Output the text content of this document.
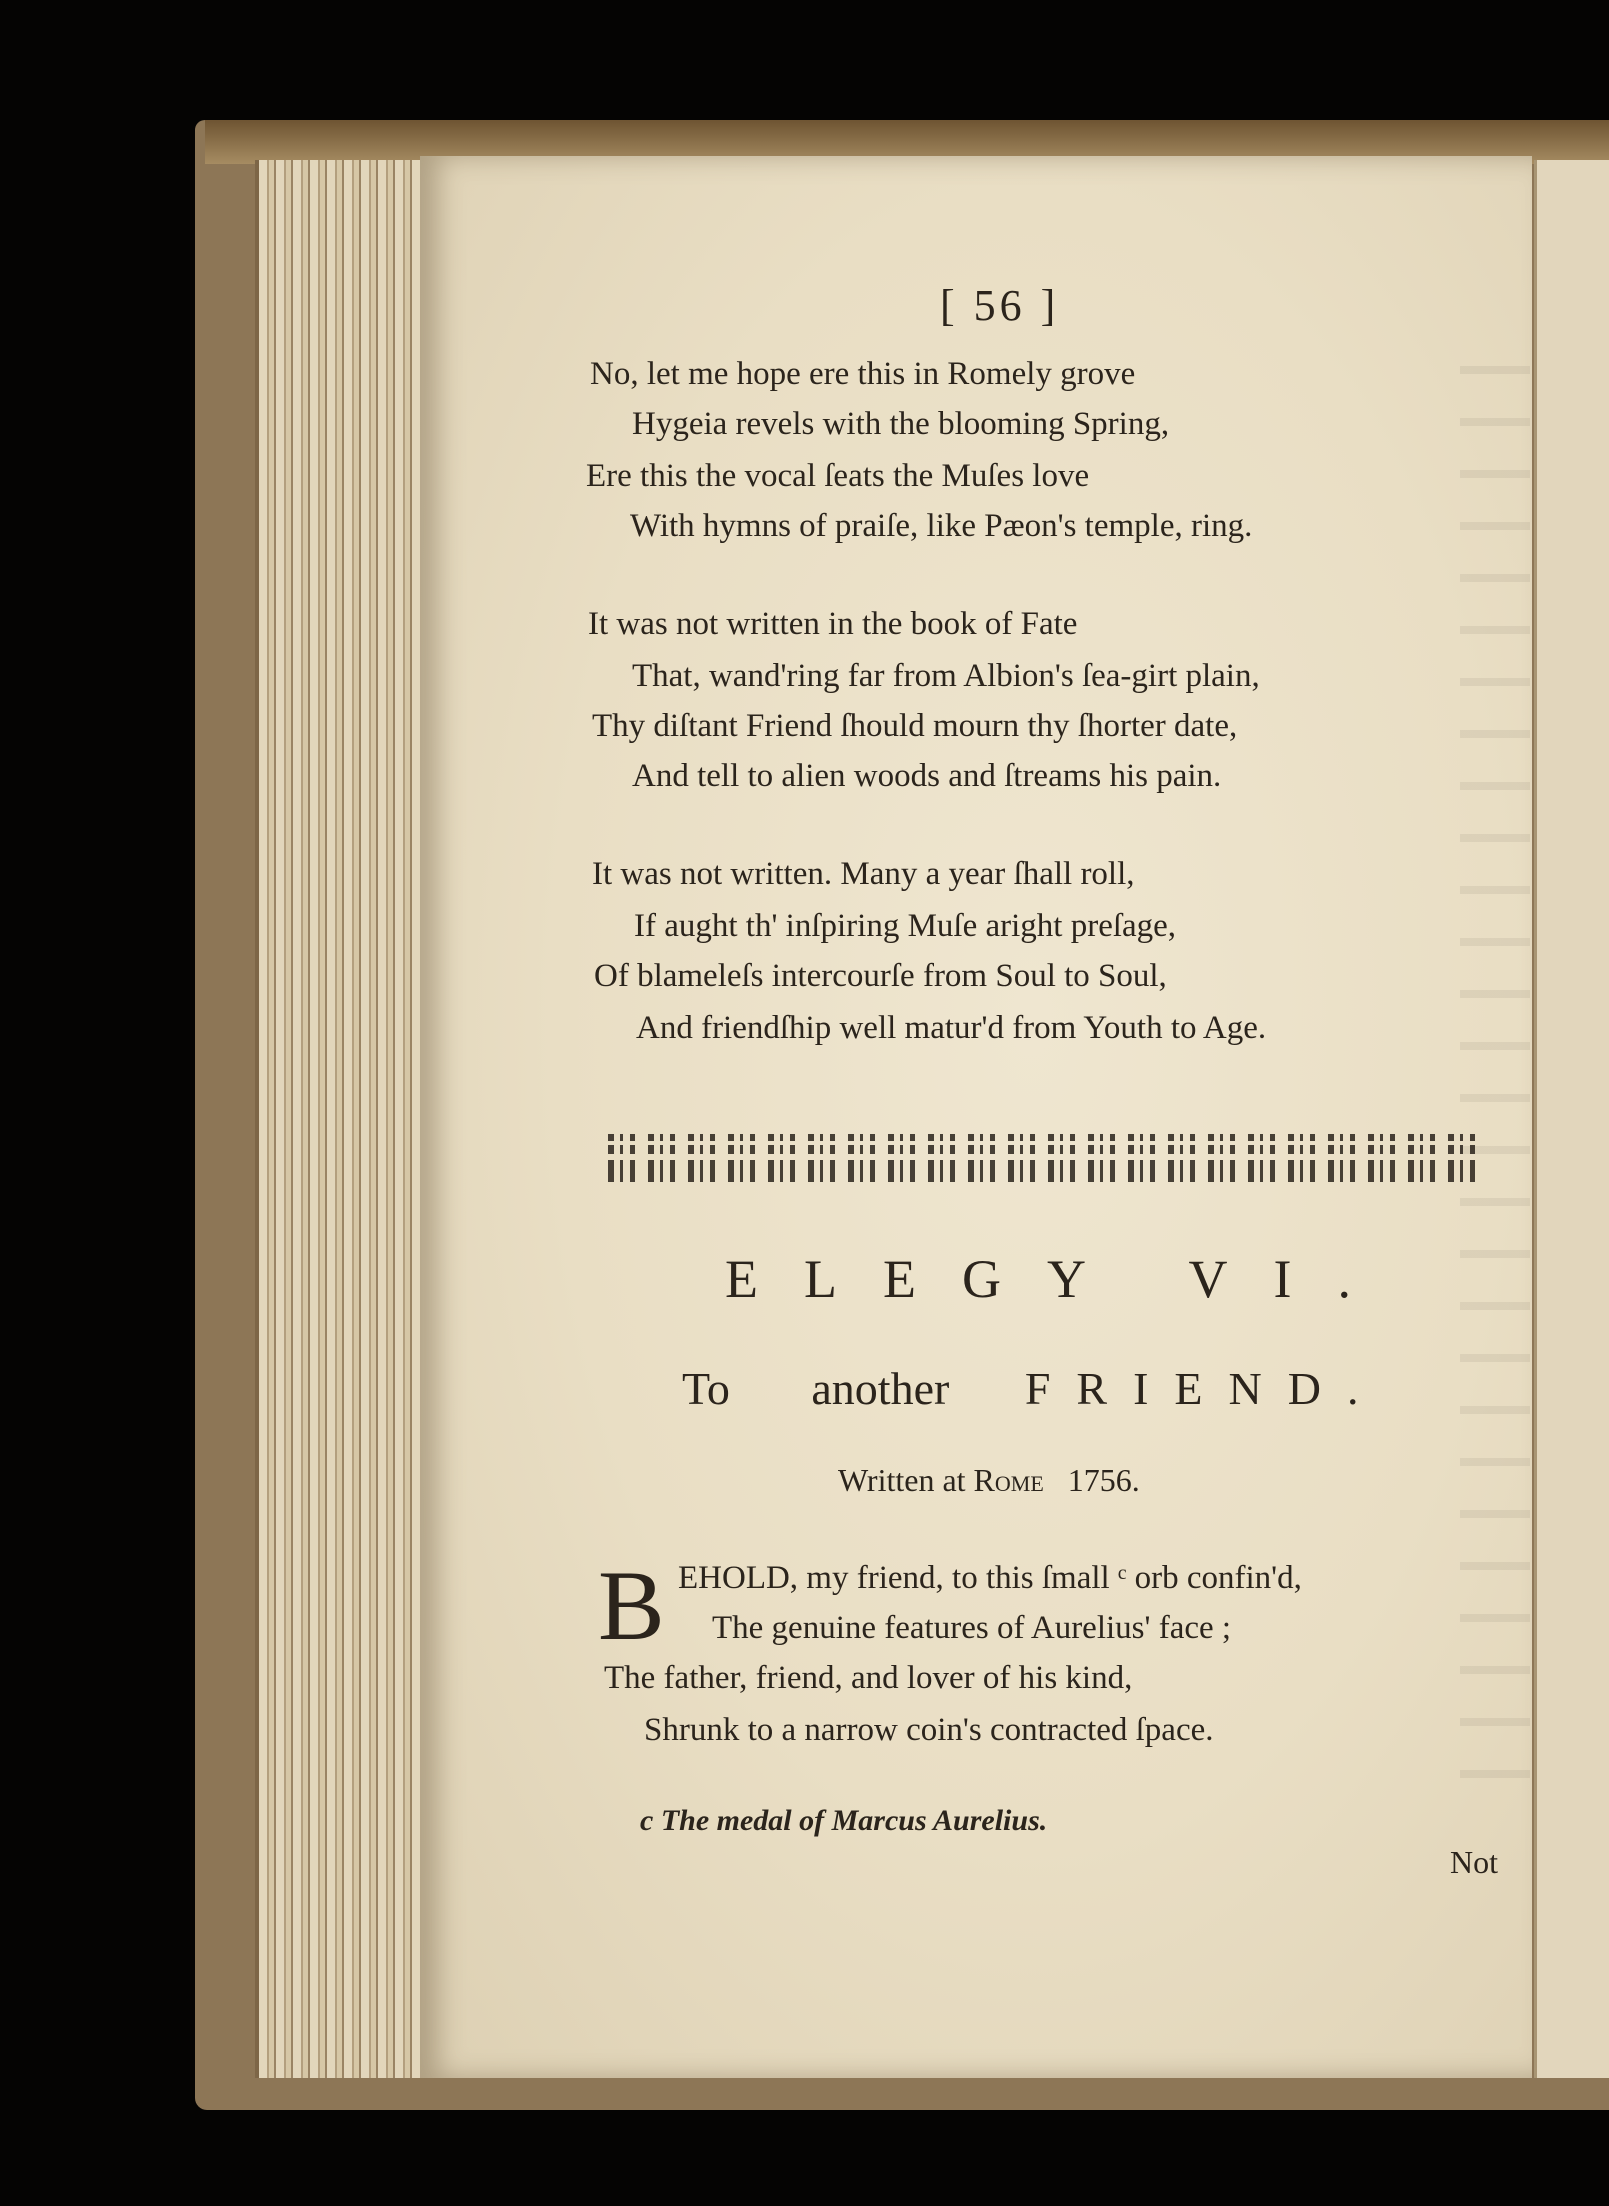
[ 56 ]
No, let me hope ere this in Romely grove
Hygeia revels with the blooming Spring,
Ere this the vocal ſeats the Muſes love
With hymns of praiſe, like Pæon's temple, ring.
It was not written in the book of Fate
That, wand'ring far from Albion's ſea-girt plain,
Thy diſtant Friend ſhould mourn thy ſhorter date,
And tell to alien woods and ſtreams his pain.
It was not written. Many a year ſhall roll,
If aught th' inſpiring Muſe aright preſage,
Of blameleſs intercourſe from Soul to Soul,
And friendſhip well matur'd from Youth to Age.
ELEGY VI.
To another FRIEND.
Written at Rome 1756.
B EHOLD, my friend, to this ſmall ᶜ orb confin'd,
The genuine features of Aurelius' face ;
The father, friend, and lover of his kind,
Shrunk to a narrow coin's contracted ſpace.
c The medal of Marcus Aurelius.
Not
